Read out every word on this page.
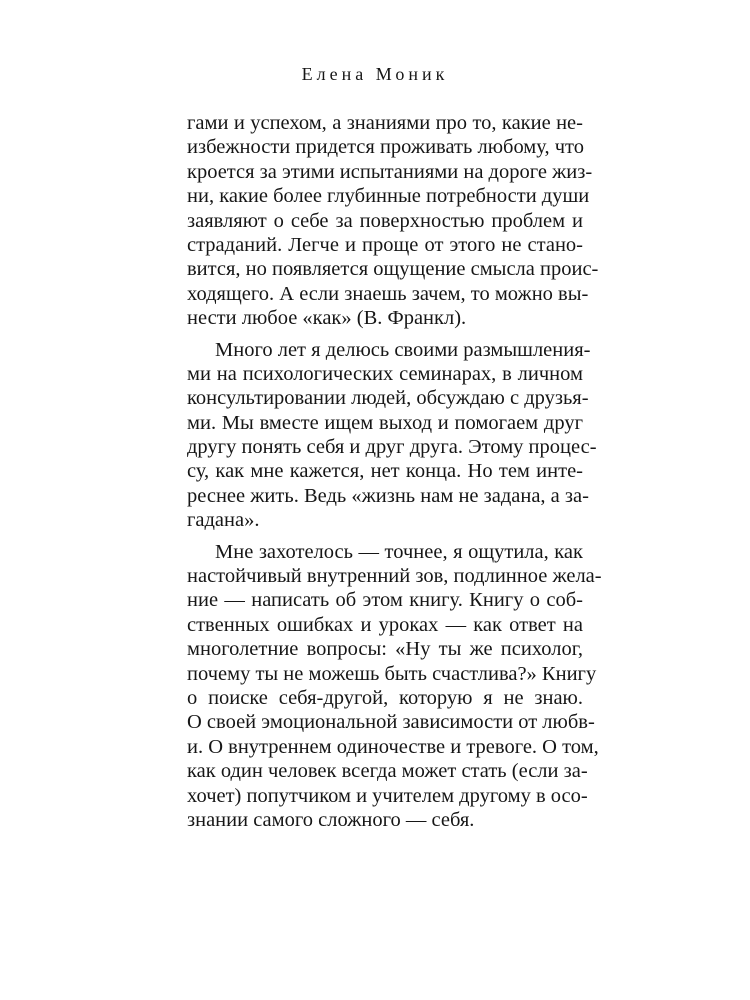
Елена Моник
гами и успехом, а знаниями про то, какие не-
избежности придется проживать любому, что
кроется за этими испытаниями на дороге жиз-
ни, какие более глубинные потребности души
заявляют о себе за поверхностью проблем и
страданий. Легче и проще от этого не стано-
вится, но появляется ощущение смысла проис-
ходящего. А если знаешь зачем, то можно вы-
нести любое «как» (В. Франкл).
Много лет я делюсь своими размышления-
ми на психологических семинарах, в личном
консультировании людей, обсуждаю с друзья-
ми. Мы вместе ищем выход и помогаем друг
другу понять себя и друг друга. Этому процес-
су, как мне кажется, нет конца. Но тем инте-
реснее жить. Ведь «жизнь нам не задана, а за-
гадана».
Мне захотелось — точнее, я ощутила, как
настойчивый внутренний зов, подлинное жела-
ние — написать об этом книгу. Книгу о соб-
ственных ошибках и уроках — как ответ на
многолетние вопросы: «Ну ты же психолог,
почему ты не можешь быть счастлива?» Книгу
о поиске себя-другой, которую я не знаю.
О своей эмоциональной зависимости от любв-
и. О внутреннем одиночестве и тревоге. О том,
как один человек всегда может стать (если за-
хочет) попутчиком и учителем другому в осо-
знании самого сложного — себя.
